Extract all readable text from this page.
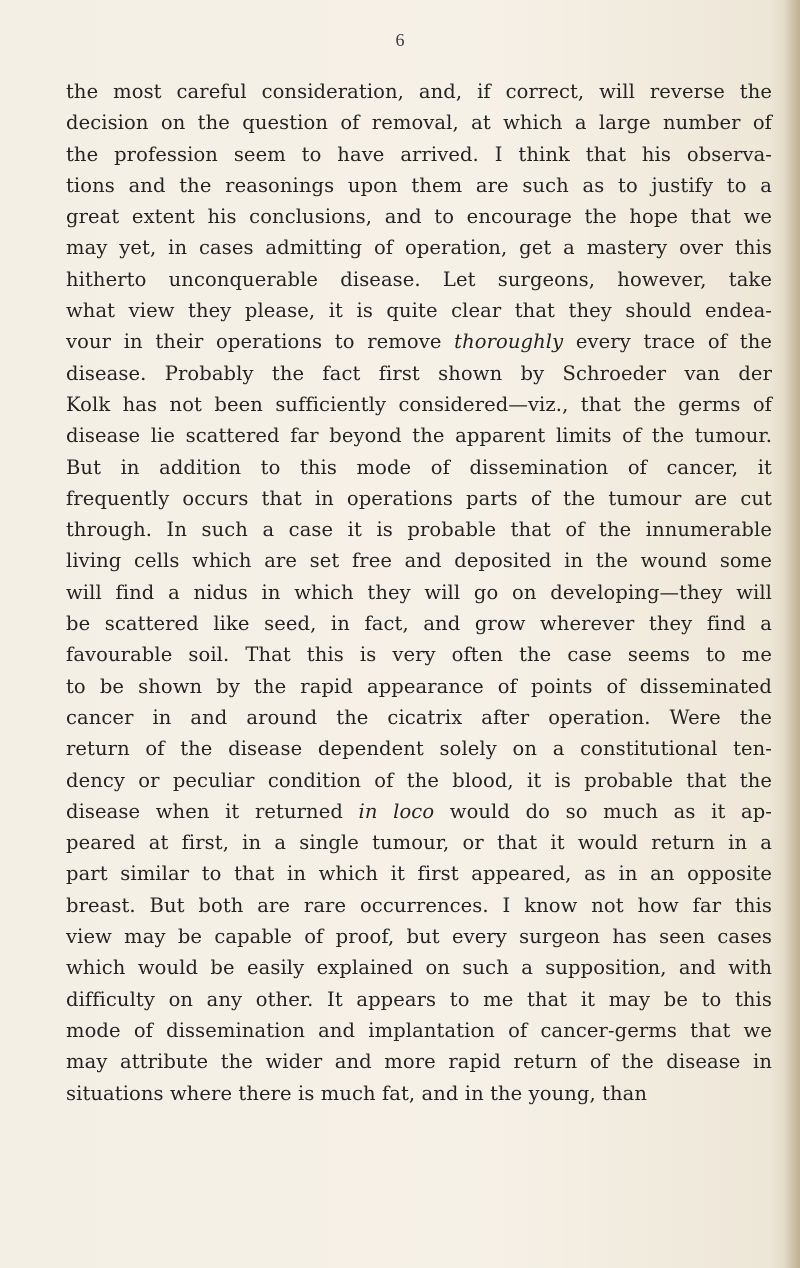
6
the most careful consideration, and, if correct, will reverse the
decision on the question of removal, at which a large number of
the profession seem to have arrived. I think that his observa-
tions and the reasonings upon them are such as to justify to a
great extent his conclusions, and to encourage the hope that we
may yet, in cases admitting of operation, get a mastery over this
hitherto unconquerable disease. Let surgeons, however, take
what view they please, it is quite clear that they should endea-
vour in their operations to remove thoroughly every trace of the
disease. Probably the fact first shown by Schroeder van der
Kolk has not been sufficiently considered—viz., that the germs of
disease lie scattered far beyond the apparent limits of the tumour.
But in addition to this mode of dissemination of cancer, it
frequently occurs that in operations parts of the tumour are cut
through. In such a case it is probable that of the innumerable
living cells which are set free and deposited in the wound some
will find a nidus in which they will go on developing—they will
be scattered like seed, in fact, and grow wherever they find a
favourable soil. That this is very often the case seems to me
to be shown by the rapid appearance of points of disseminated
cancer in and around the cicatrix after operation. Were the
return of the disease dependent solely on a constitutional ten-
dency or peculiar condition of the blood, it is probable that the
disease when it returned in loco would do so much as it ap-
peared at first, in a single tumour, or that it would return in a
part similar to that in which it first appeared, as in an opposite
breast. But both are rare occurrences. I know not how far this
view may be capable of proof, but every surgeon has seen cases
which would be easily explained on such a supposition, and with
difficulty on any other. It appears to me that it may be to this
mode of dissemination and implantation of cancer-germs that we
may attribute the wider and more rapid return of the disease in
situations where there is much fat, and in the young, than
